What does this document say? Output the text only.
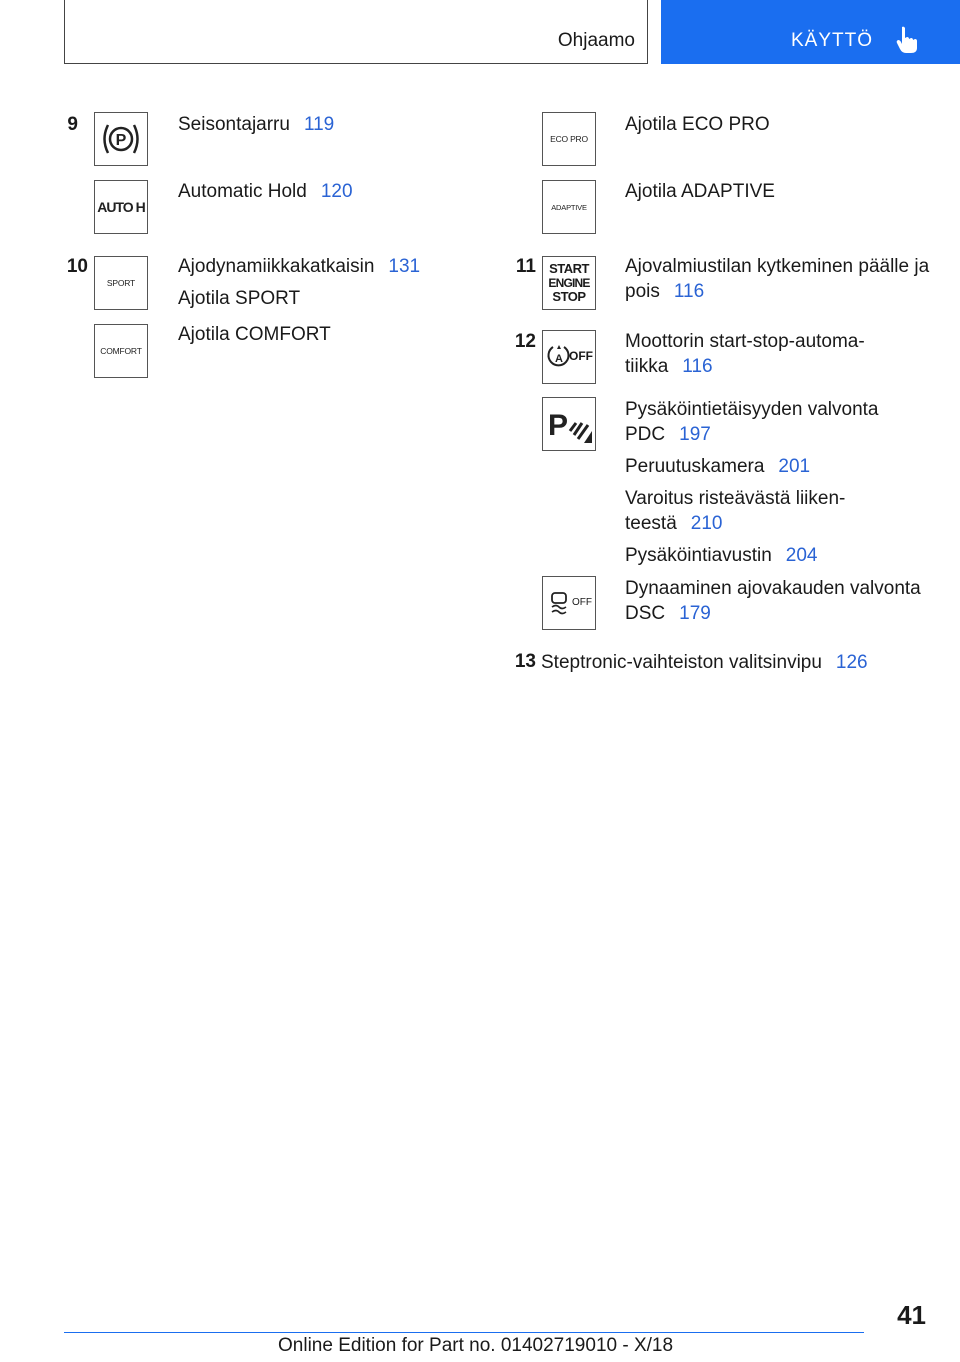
Ohjaamo	KÄYTTÖ
9
P
Seisontajarru 119
AUTO H
Automatic Hold 120
10
SPORT
Ajodynamiikkakatkaisin 131
Ajotila SPORT
COMFORT
Ajotila COMFORT
ECO PRO
Ajotila ECO PRO
ADAPTIVE
Ajotila ADAPTIVE
11 START
ENGINE
STOP
Ajovalmiustilan kytkeminen päälle ja
pois 116
12
A OFF
Moottorin start-stop-automa-
tiikka 116
P	Pysäköintietäisyyden valvonta
PDC 197
Peruutuskamera 201
Varoitus risteävästä liiken-
teestä 210
Pysäköintiavustin 204
OFF
Dynaaminen ajovakauden valvonta
DSC 179
13 Steptronic-vaihteiston valitsinvipu 126
41
Online Edition for Part no. 01402719010 - X/18
